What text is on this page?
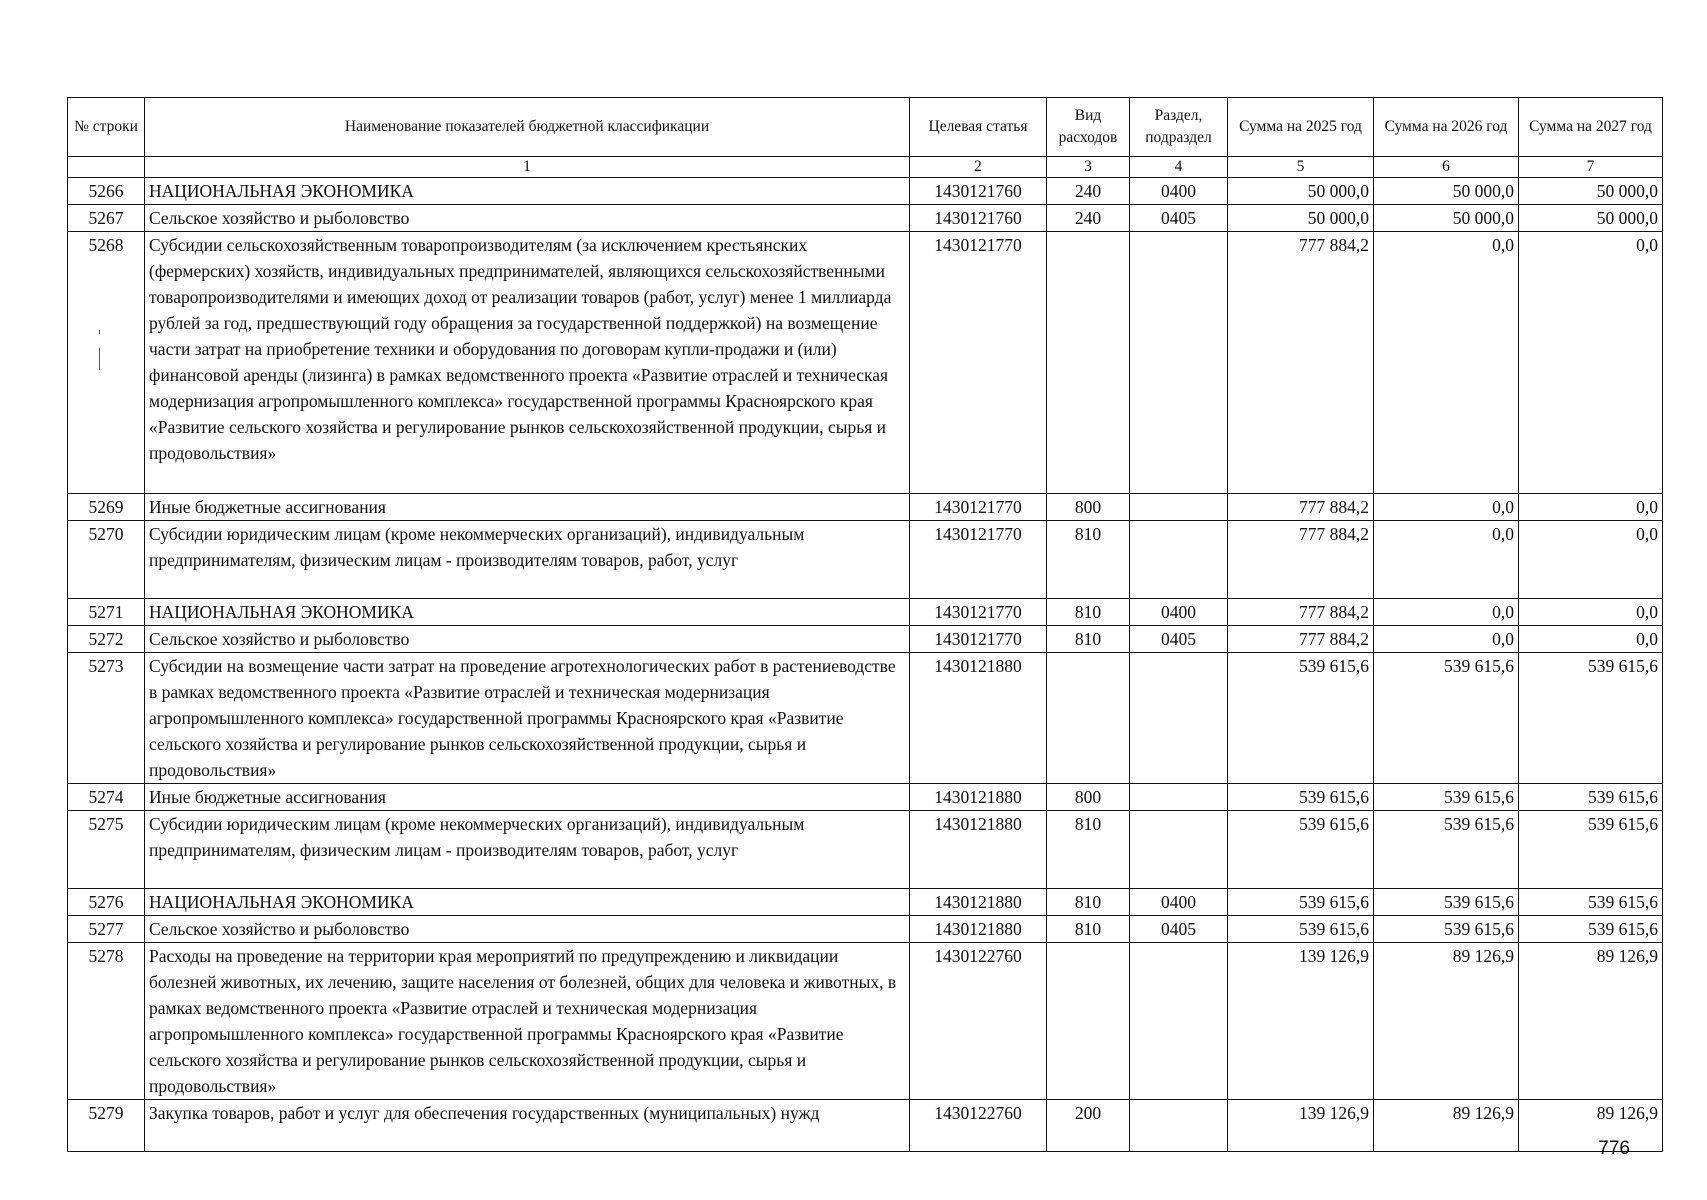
№ строки	Наименование показателей бюджетной классификации	Целевая статья	Вид расходов	Раздел, подраздел	Сумма на 2025 год	Сумма на 2026 год	Сумма на 2027 год
	1	2	3	4	5	6	7
5266	НАЦИОНАЛЬНАЯ ЭКОНОМИКА	1430121760	240	0400	50 000,0	50 000,0	50 000,0
5267	Сельское хозяйство и рыболовство	1430121760	240	0405	50 000,0	50 000,0	50 000,0
5268	Субсидии сельскохозяйственным товаропроизводителям (за исключением крестьянских (фермерских) хозяйств, индивидуальных предпринимателей, являющихся сельскохозяйственными товаропроизводителями и имеющих доход от реализации товаров (работ, услуг) менее 1 миллиарда рублей за год, предшествующий году обращения за государственной поддержкой) на возмещение части затрат на приобретение техники и оборудования по договорам купли-продажи и (или) финансовой аренды (лизинга) в рамках ведомственного проекта «Развитие отраслей и техническая модернизация агропромышленного комплекса» государственной программы Красноярского края «Развитие сельского хозяйства и регулирование рынков сельскохозяйственной продукции, сырья и продовольствия»	1430121770			777 884,2	0,0	0,0
5269	Иные бюджетные ассигнования	1430121770	800		777 884,2	0,0	0,0
5270	Субсидии юридическим лицам (кроме некоммерческих организаций), индивидуальным предпринимателям, физическим лицам - производителям товаров, работ, услуг	1430121770	810		777 884,2	0,0	0,0
5271	НАЦИОНАЛЬНАЯ ЭКОНОМИКА	1430121770	810	0400	777 884,2	0,0	0,0
5272	Сельское хозяйство и рыболовство	1430121770	810	0405	777 884,2	0,0	0,0
5273	Субсидии на возмещение части затрат на проведение агротехнологических работ в растениеводстве в рамках ведомственного проекта «Развитие отраслей и техническая модернизация агропромышленного комплекса» государственной программы Красноярского края «Развитие сельского хозяйства и регулирование рынков сельскохозяйственной продукции, сырья и продовольствия»	1430121880			539 615,6	539 615,6	539 615,6
5274	Иные бюджетные ассигнования	1430121880	800		539 615,6	539 615,6	539 615,6
5275	Субсидии юридическим лицам (кроме некоммерческих организаций), индивидуальным предпринимателям, физическим лицам - производителям товаров, работ, услуг	1430121880	810		539 615,6	539 615,6	539 615,6
5276	НАЦИОНАЛЬНАЯ ЭКОНОМИКА	1430121880	810	0400	539 615,6	539 615,6	539 615,6
5277	Сельское хозяйство и рыболовство	1430121880	810	0405	539 615,6	539 615,6	539 615,6
5278	Расходы на проведение на территории края мероприятий по предупреждению и ликвидации болезней животных, их лечению, защите населения от болезней, общих для человека и животных, в рамках ведомственного проекта «Развитие отраслей и техническая модернизация агропромышленного комплекса» государственной программы Красноярского края «Развитие сельского хозяйства и регулирование рынков сельскохозяйственной продукции, сырья и продовольствия»	1430122760			139 126,9	89 126,9	89 126,9
5279	Закупка товаров, работ и услуг для обеспечения государственных (муниципальных) нужд	1430122760	200		139 126,9	89 126,9	89 126,9
776
